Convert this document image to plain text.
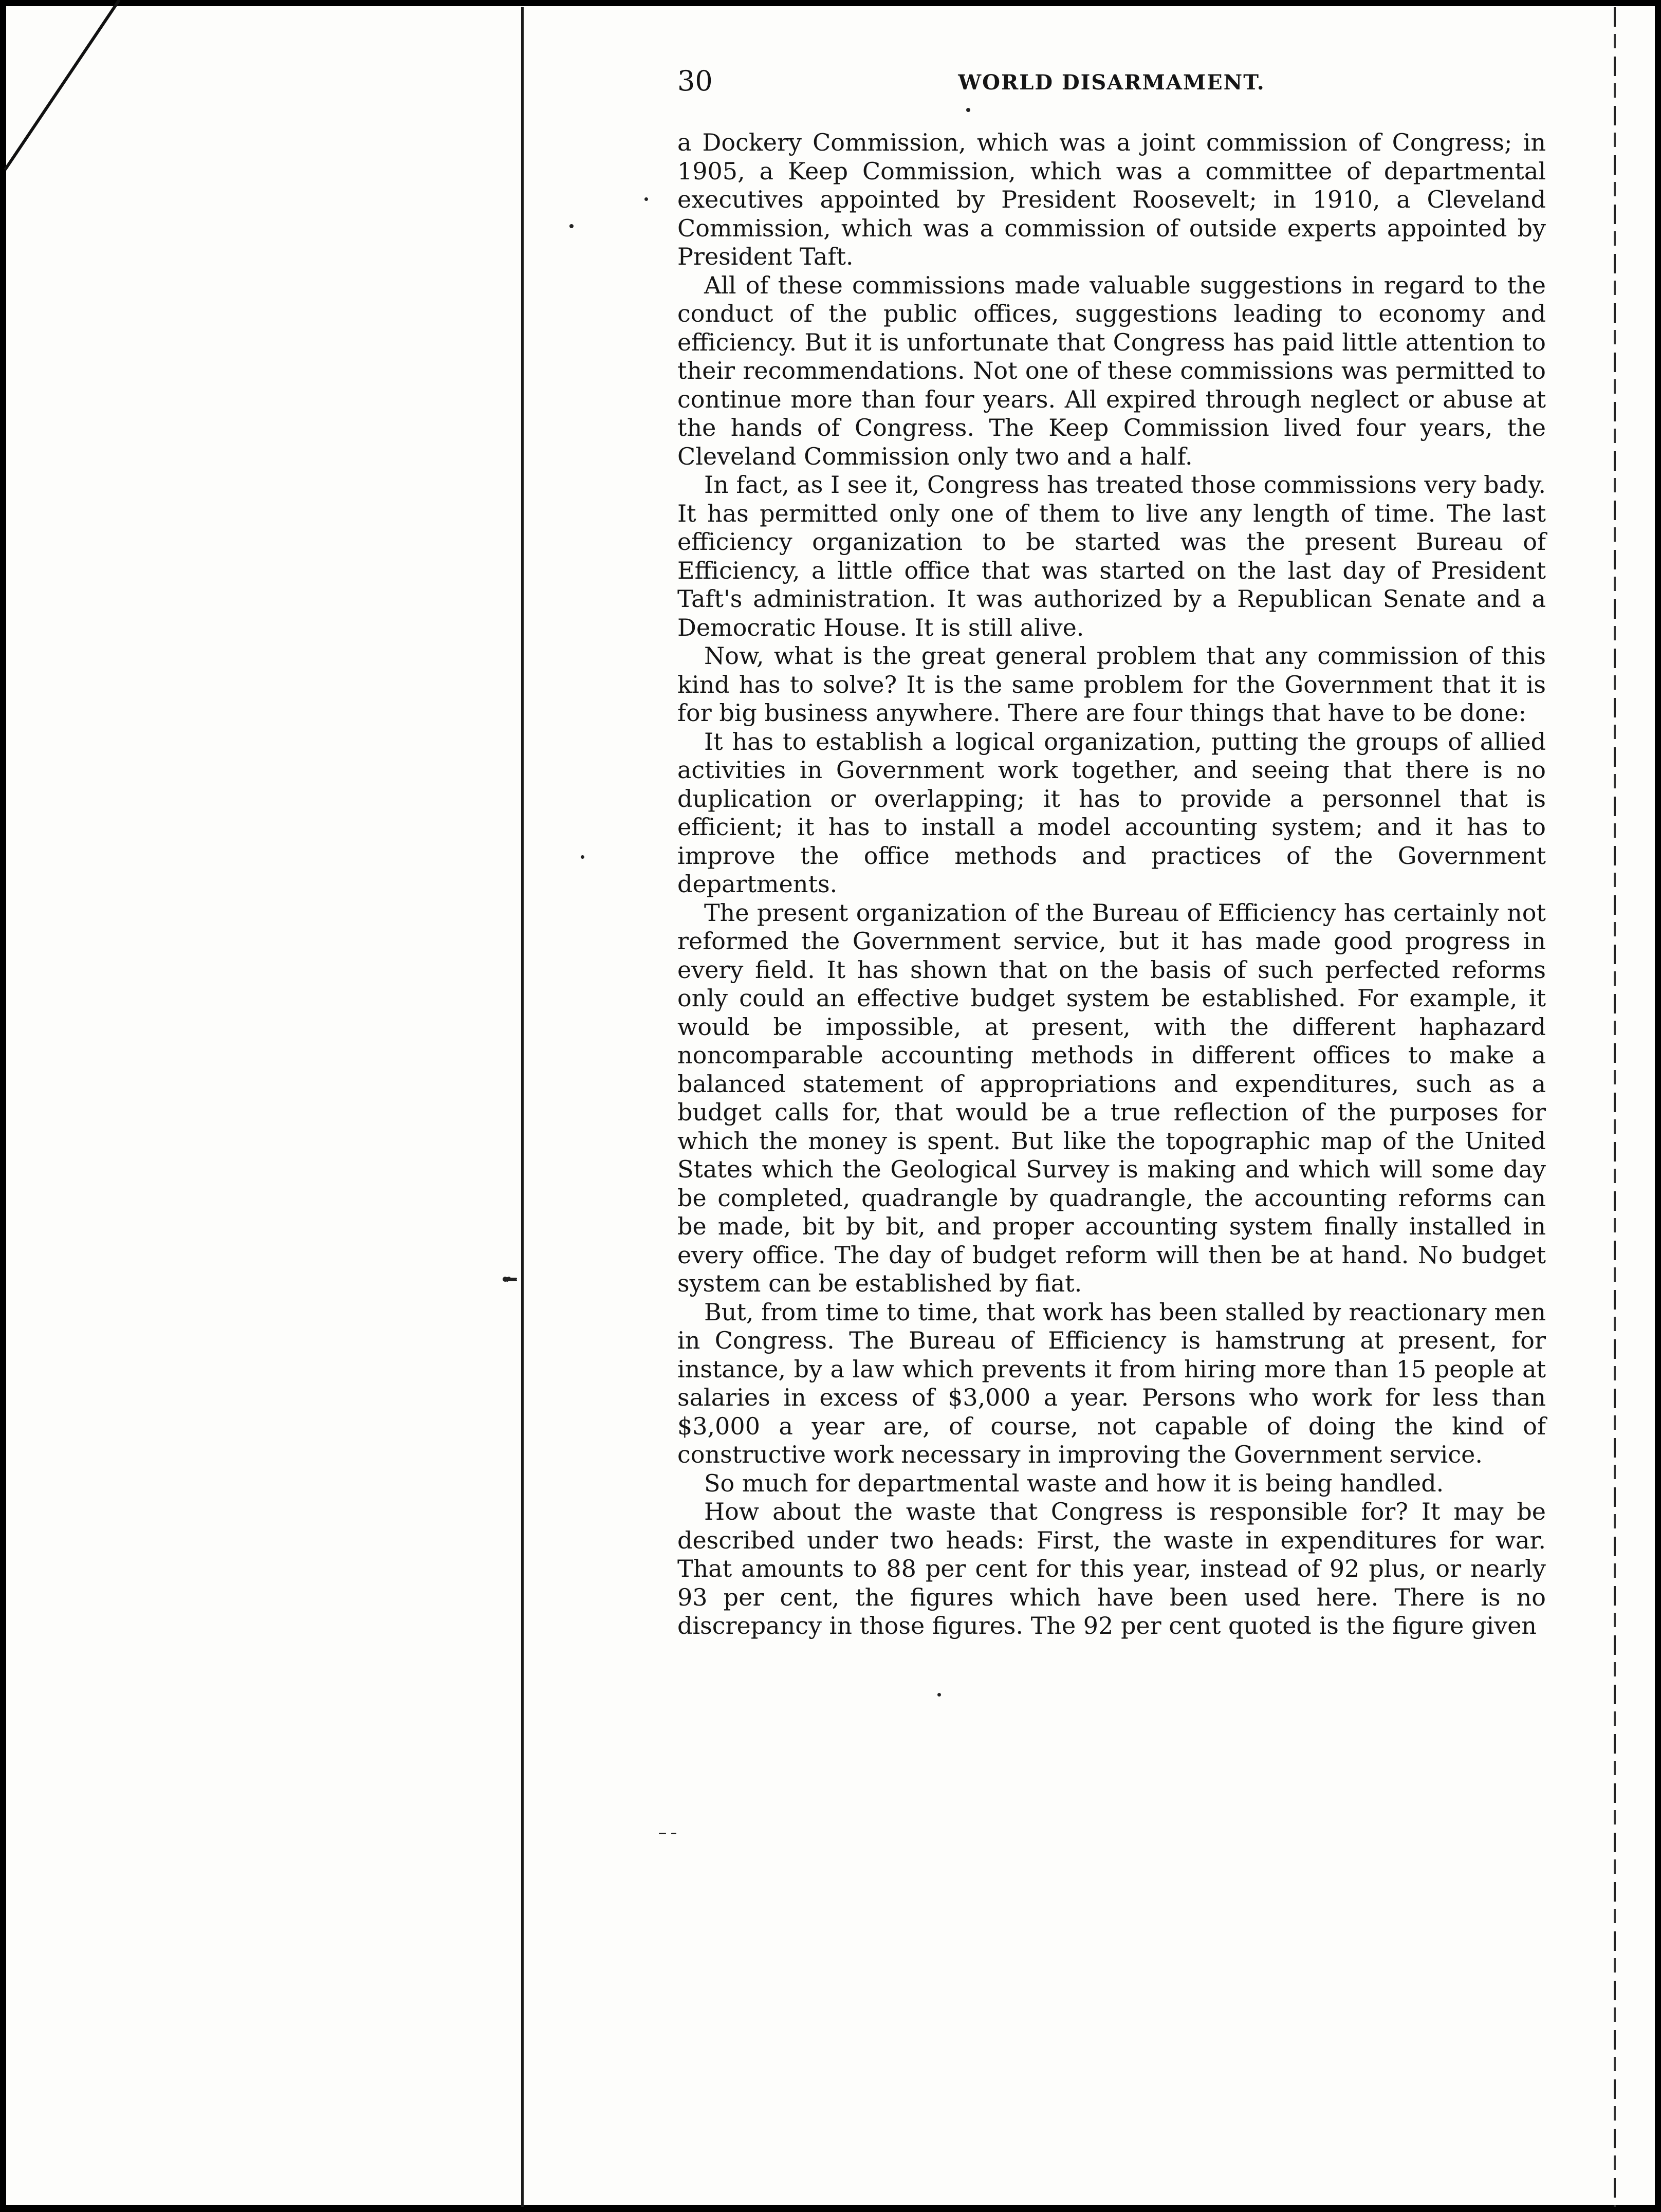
30	WORLD DISARMAMENT.

a Dockery Commission, which was a joint commission of Congress; in 1905, a Keep Commission, which was a committee of departmental executives appointed by President Roosevelt; in 1910, a Cleveland Commission, which was a commission of outside experts appointed by President Taft.

All of these commissions made valuable suggestions in regard to the conduct of the public offices, suggestions leading to economy and efficiency. But it is unfortunate that Congress has paid little attention to their recommendations. Not one of these commissions was permitted to continue more than four years. All expired through neglect or abuse at the hands of Congress. The Keep Commission lived four years, the Cleveland Commission only two and a half.

In fact, as I see it, Congress has treated those commissions very bady. It has permitted only one of them to live any length of time. The last efficiency organization to be started was the present Bureau of Efficiency, a little office that was started on the last day of President Taft's administration. It was authorized by a Republican Senate and a Democratic House. It is still alive.

Now, what is the great general problem that any commission of this kind has to solve? It is the same problem for the Government that it is for big business anywhere. There are four things that have to be done:

It has to establish a logical organization, putting the groups of allied activities in Government work together, and seeing that there is no duplication or overlapping; it has to provide a personnel that is efficient; it has to install a model accounting system; and it has to improve the office methods and practices of the Government departments.

The present organization of the Bureau of Efficiency has certainly not reformed the Government service, but it has made good progress in every field. It has shown that on the basis of such perfected reforms only could an effective budget system be established. For example, it would be impossible, at present, with the different haphazard noncomparable accounting methods in different offices to make a balanced statement of appropriations and expenditures, such as a budget calls for, that would be a true reflection of the purposes for which the money is spent. But like the topographic map of the United States which the Geological Survey is making and which will some day be completed, quadrangle by quadrangle, the accounting reforms can be made, bit by bit, and proper accounting system finally installed in every office. The day of budget reform will then be at hand. No budget system can be established by fiat.

But, from time to time, that work has been stalled by reactionary men in Congress. The Bureau of Efficiency is hamstrung at present, for instance, by a law which prevents it from hiring more than 15 people at salaries in excess of $3,000 a year. Persons who work for less than $3,000 a year are, of course, not capable of doing the kind of constructive work necessary in improving the Government service.

So much for departmental waste and how it is being handled.

How about the waste that Congress is responsible for? It may be described under two heads: First, the waste in expenditures for war. That amounts to 88 per cent for this year, instead of 92 plus, or nearly 93 per cent, the figures which have been used here. There is no discrepancy in those figures. The 92 per cent quoted is the figure given
